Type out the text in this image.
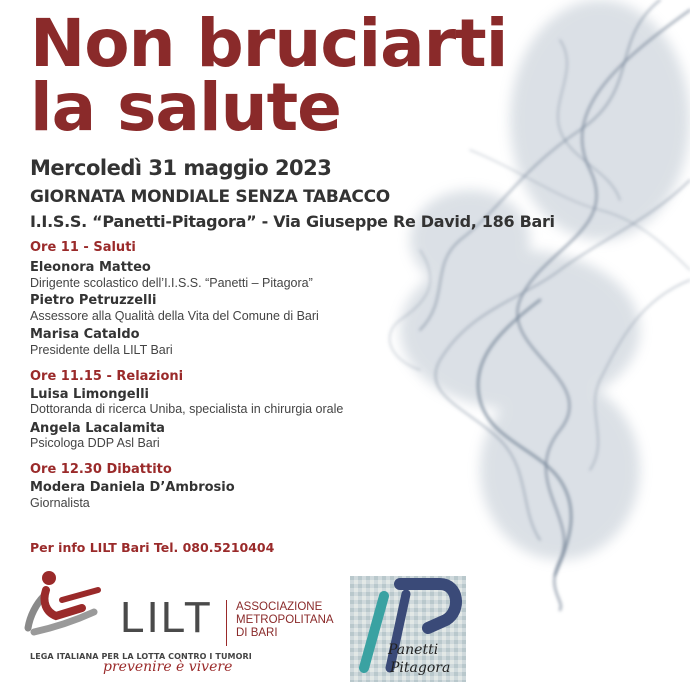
Non bruciarti
la salute
Mercoledì 31 maggio 2023
GIORNATA MONDIALE SENZA TABACCO
I.I.S.S. “Panetti-Pitagora” - Via Giuseppe Re David, 186 Bari
Ore 11 - Saluti
Eleonora Matteo
Dirigente scolastico dell’I.I.S.S. “Panetti – Pitagora”
Pietro Petruzzelli
Assessore alla Qualità della Vita del Comune di Bari
Marisa Cataldo
Presidente della LILT Bari
Ore 11.15 - Relazioni
Luisa Limongelli
Dottoranda di ricerca Uniba, specialista in chirurgia orale
Angela Lacalamita
Psicologa DDP Asl Bari
Ore 12.30 Dibattito
Modera Daniela D’Ambrosio
Giornalista
Per info LILT Bari Tel. 080.5210404
LILT ASSOCIAZIONE
METROPOLITANA
DI BARI
LEGA ITALIANA PER LA LOTTA CONTRO I TUMORI
prevenire è vivere
Panetti
Pitagora
